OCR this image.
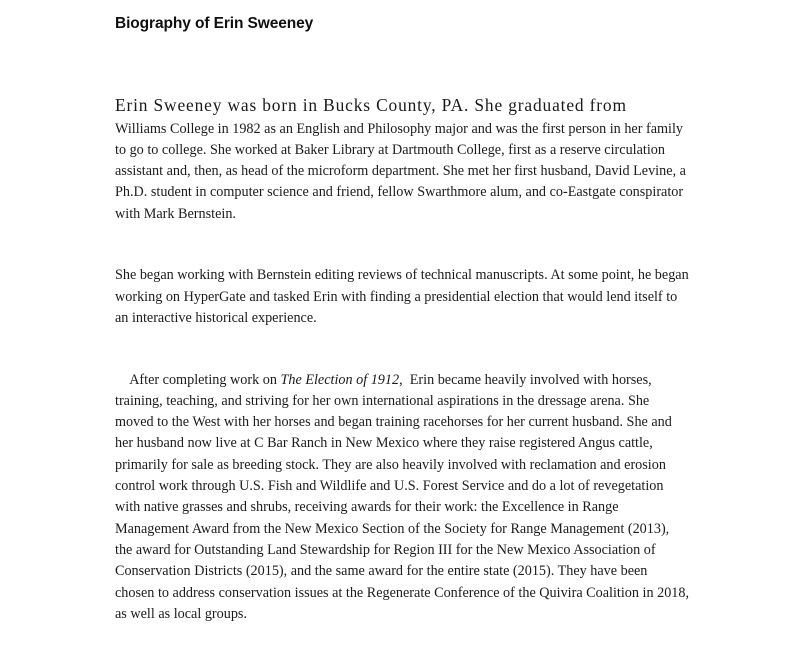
Biography of Erin Sweeney

Erin Sweeney was born in Bucks County, PA. She graduated from
Williams College in 1982 as an English and Philosophy major and was the first person in her family to go to college. She worked at Baker Library at Dartmouth College, first as a reserve circulation assistant and, then, as head of the microform department. She met her first husband, David Levine, a Ph.D. student in computer science and friend, fellow Swarthmore alum, and co-Eastgate conspirator with Mark Bernstein.

She began working with Bernstein editing reviews of technical manuscripts. At some point, he began working on HyperGate and tasked Erin with finding a presidential election that would lend itself to an interactive historical experience.

After completing work on The Election of 1912,  Erin became heavily involved with horses, training, teaching, and striving for her own international aspirations in the dressage arena. She moved to the West with her horses and began training racehorses for her current husband. She and her husband now live at C Bar Ranch in New Mexico where they raise registered Angus cattle, primarily for sale as breeding stock. They are also heavily involved with reclamation and erosion control work through U.S. Fish and Wildlife and U.S. Forest Service and do a lot of revegetation with native grasses and shrubs, receiving awards for their work: the Excellence in Range Management Award from the New Mexico Section of the Society for Range Management (2013), the award for Outstanding Land Stewardship for Region III for the New Mexico Association of Conservation Districts (2015), and the same award for the entire state (2015). They have been chosen to address conservation issues at the Regenerate Conference of the Quivira Coalition in 2018, as well as local groups.
